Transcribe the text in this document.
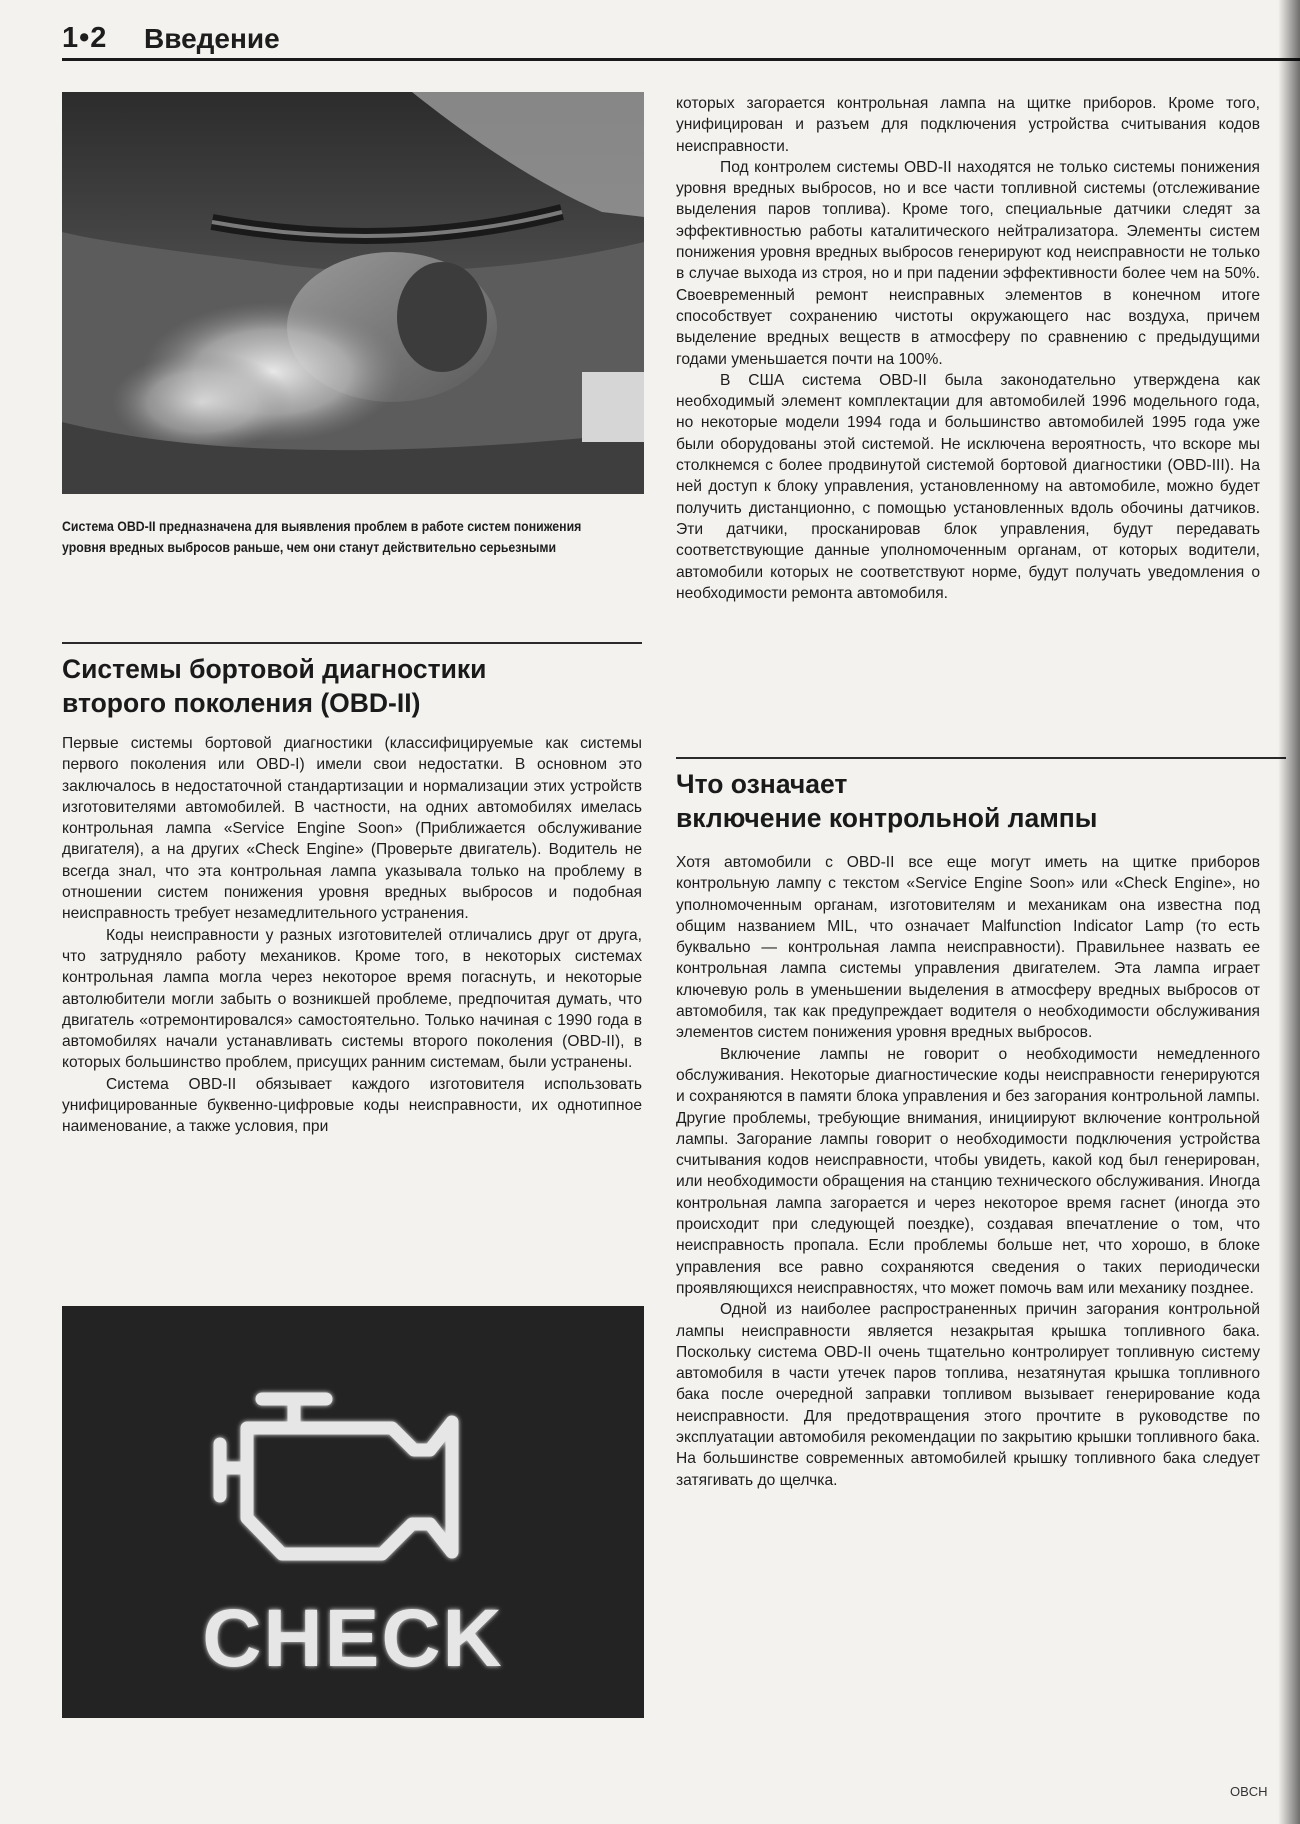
1•2 Введение
Система OBD-II предназначена для выявления проблем в работе систем понижения уровня вредных выбросов раньше, чем они станут действительно серьезными
Системы бортовой диагностики
второго поколения (OBD-II)

Первые системы бортовой диагностики (классифицируемые как системы первого поколения или OBD-I) имели свои недостатки. В основном это заключалось в недостаточной стандартизации и нормализации этих устройств изготовителями автомобилей. В частности, на одних автомобилях имелась контрольная лампа «Service Engine Soon» (Приближается обслуживание двигателя), а на других «Check Engine» (Проверьте двигатель). Водитель не всегда знал, что эта контрольная лампа указывала только на проблему в отношении систем понижения уровня вредных выбросов и подобная неисправность требует незамедлительного устранения.

Коды неисправности у разных изготовителей отличались друг от друга, что затрудняло работу механиков. Кроме того, в некоторых системах контрольная лампа могла через некоторое время погаснуть, и некоторые автолюбители могли забыть о возникшей проблеме, предпочитая думать, что двигатель «отремонтировался» самостоятельно. Только начиная с 1990 года в автомобилях начали устанавливать системы второго поколения (OBD-II), в которых большинство проблем, присущих ранним системам, были устранены.

Система OBD-II обязывает каждого изготовителя использовать унифицированные буквенно-цифровые коды неисправности, их однотипное наименование, а также условия, при

CHECK

которых загорается контрольная лампа на щитке приборов. Кроме того, унифицирован и разъем для подключения устройства считывания кодов неисправности.

Под контролем системы OBD-II находятся не только системы понижения уровня вредных выбросов, но и все части топливной системы (отслеживание выделения паров топлива). Кроме того, специальные датчики следят за эффективностью работы каталитического нейтрализатора. Элементы систем понижения уровня вредных выбросов генерируют код неисправности не только в случае выхода из строя, но и при падении эффективности более чем на 50%. Своевременный ремонт неисправных элементов в конечном итоге способствует сохранению чистоты окружающего нас воздуха, причем выделение вредных веществ в атмосферу по сравнению с предыдущими годами уменьшается почти на 100%.

В США система OBD-II была законодательно утверждена как необходимый элемент комплектации для автомобилей 1996 модельного года, но некоторые модели 1994 года и большинство автомобилей 1995 года уже были оборудованы этой системой. Не исключена вероятность, что вскоре мы столкнемся с более продвинутой системой бортовой диагностики (OBD-III). На ней доступ к блоку управления, установленному на автомобиле, можно будет получить дистанционно, с помощью установленных вдоль обочины датчиков. Эти датчики, просканировав блок управления, будут передавать соответствующие данные уполномоченным органам, от которых водители, автомобили которых не соответствуют норме, будут получать уведомления о необходимости ремонта автомобиля.

Что означает
включение контрольной лампы

Хотя автомобили с OBD-II все еще могут иметь на щитке приборов контрольную лампу с текстом «Service Engine Soon» или «Check Engine», но уполномоченным органам, изготовителям и механикам она известна под общим названием MIL, что означает Malfunction Indicator Lamp (то есть буквально — контрольная лампа неисправности). Правильнее назвать ее контрольная лампа системы управления двигателем. Эта лампа играет ключевую роль в уменьшении выделения в атмосферу вредных выбросов от автомобиля, так как предупреждает водителя о необходимости обслуживания элементов систем понижения уровня вредных выбросов.

Включение лампы не говорит о необходимости немедленного обслуживания. Некоторые диагностические коды неисправности генерируются и сохраняются в памяти блока управления и без загорания контрольной лампы. Другие проблемы, требующие внимания, инициируют включение контрольной лампы. Загорание лампы говорит о необходимости подключения устройства считывания кодов неисправности, чтобы увидеть, какой код был генерирован, или необходимости обращения на станцию технического обслуживания. Иногда контрольная лампа загорается и через некоторое время гаснет (иногда это происходит при следующей поездке), создавая впечатление о том, что неисправность пропала. Если проблемы больше нет, что хорошо, в блоке управления все равно сохраняются сведения о таких периодически проявляющихся неисправностях, что может помочь вам или механику позднее.

Одной из наиболее распространенных причин загорания контрольной лампы неисправности является незакрытая крышка топливного бака. Поскольку система OBD-II очень тщательно контролирует топливную систему автомобиля в части утечек паров топлива, незатянутая крышка топливного бака после очередной заправки топливом вызывает генерирование кода неисправности. Для предотвращения этого прочтите в руководстве по эксплуатации автомобиля рекомендации по закрытию крышки топливного бака. На большинстве современных автомобилей крышку топливного бака следует затягивать до щелчка.

OBCH
